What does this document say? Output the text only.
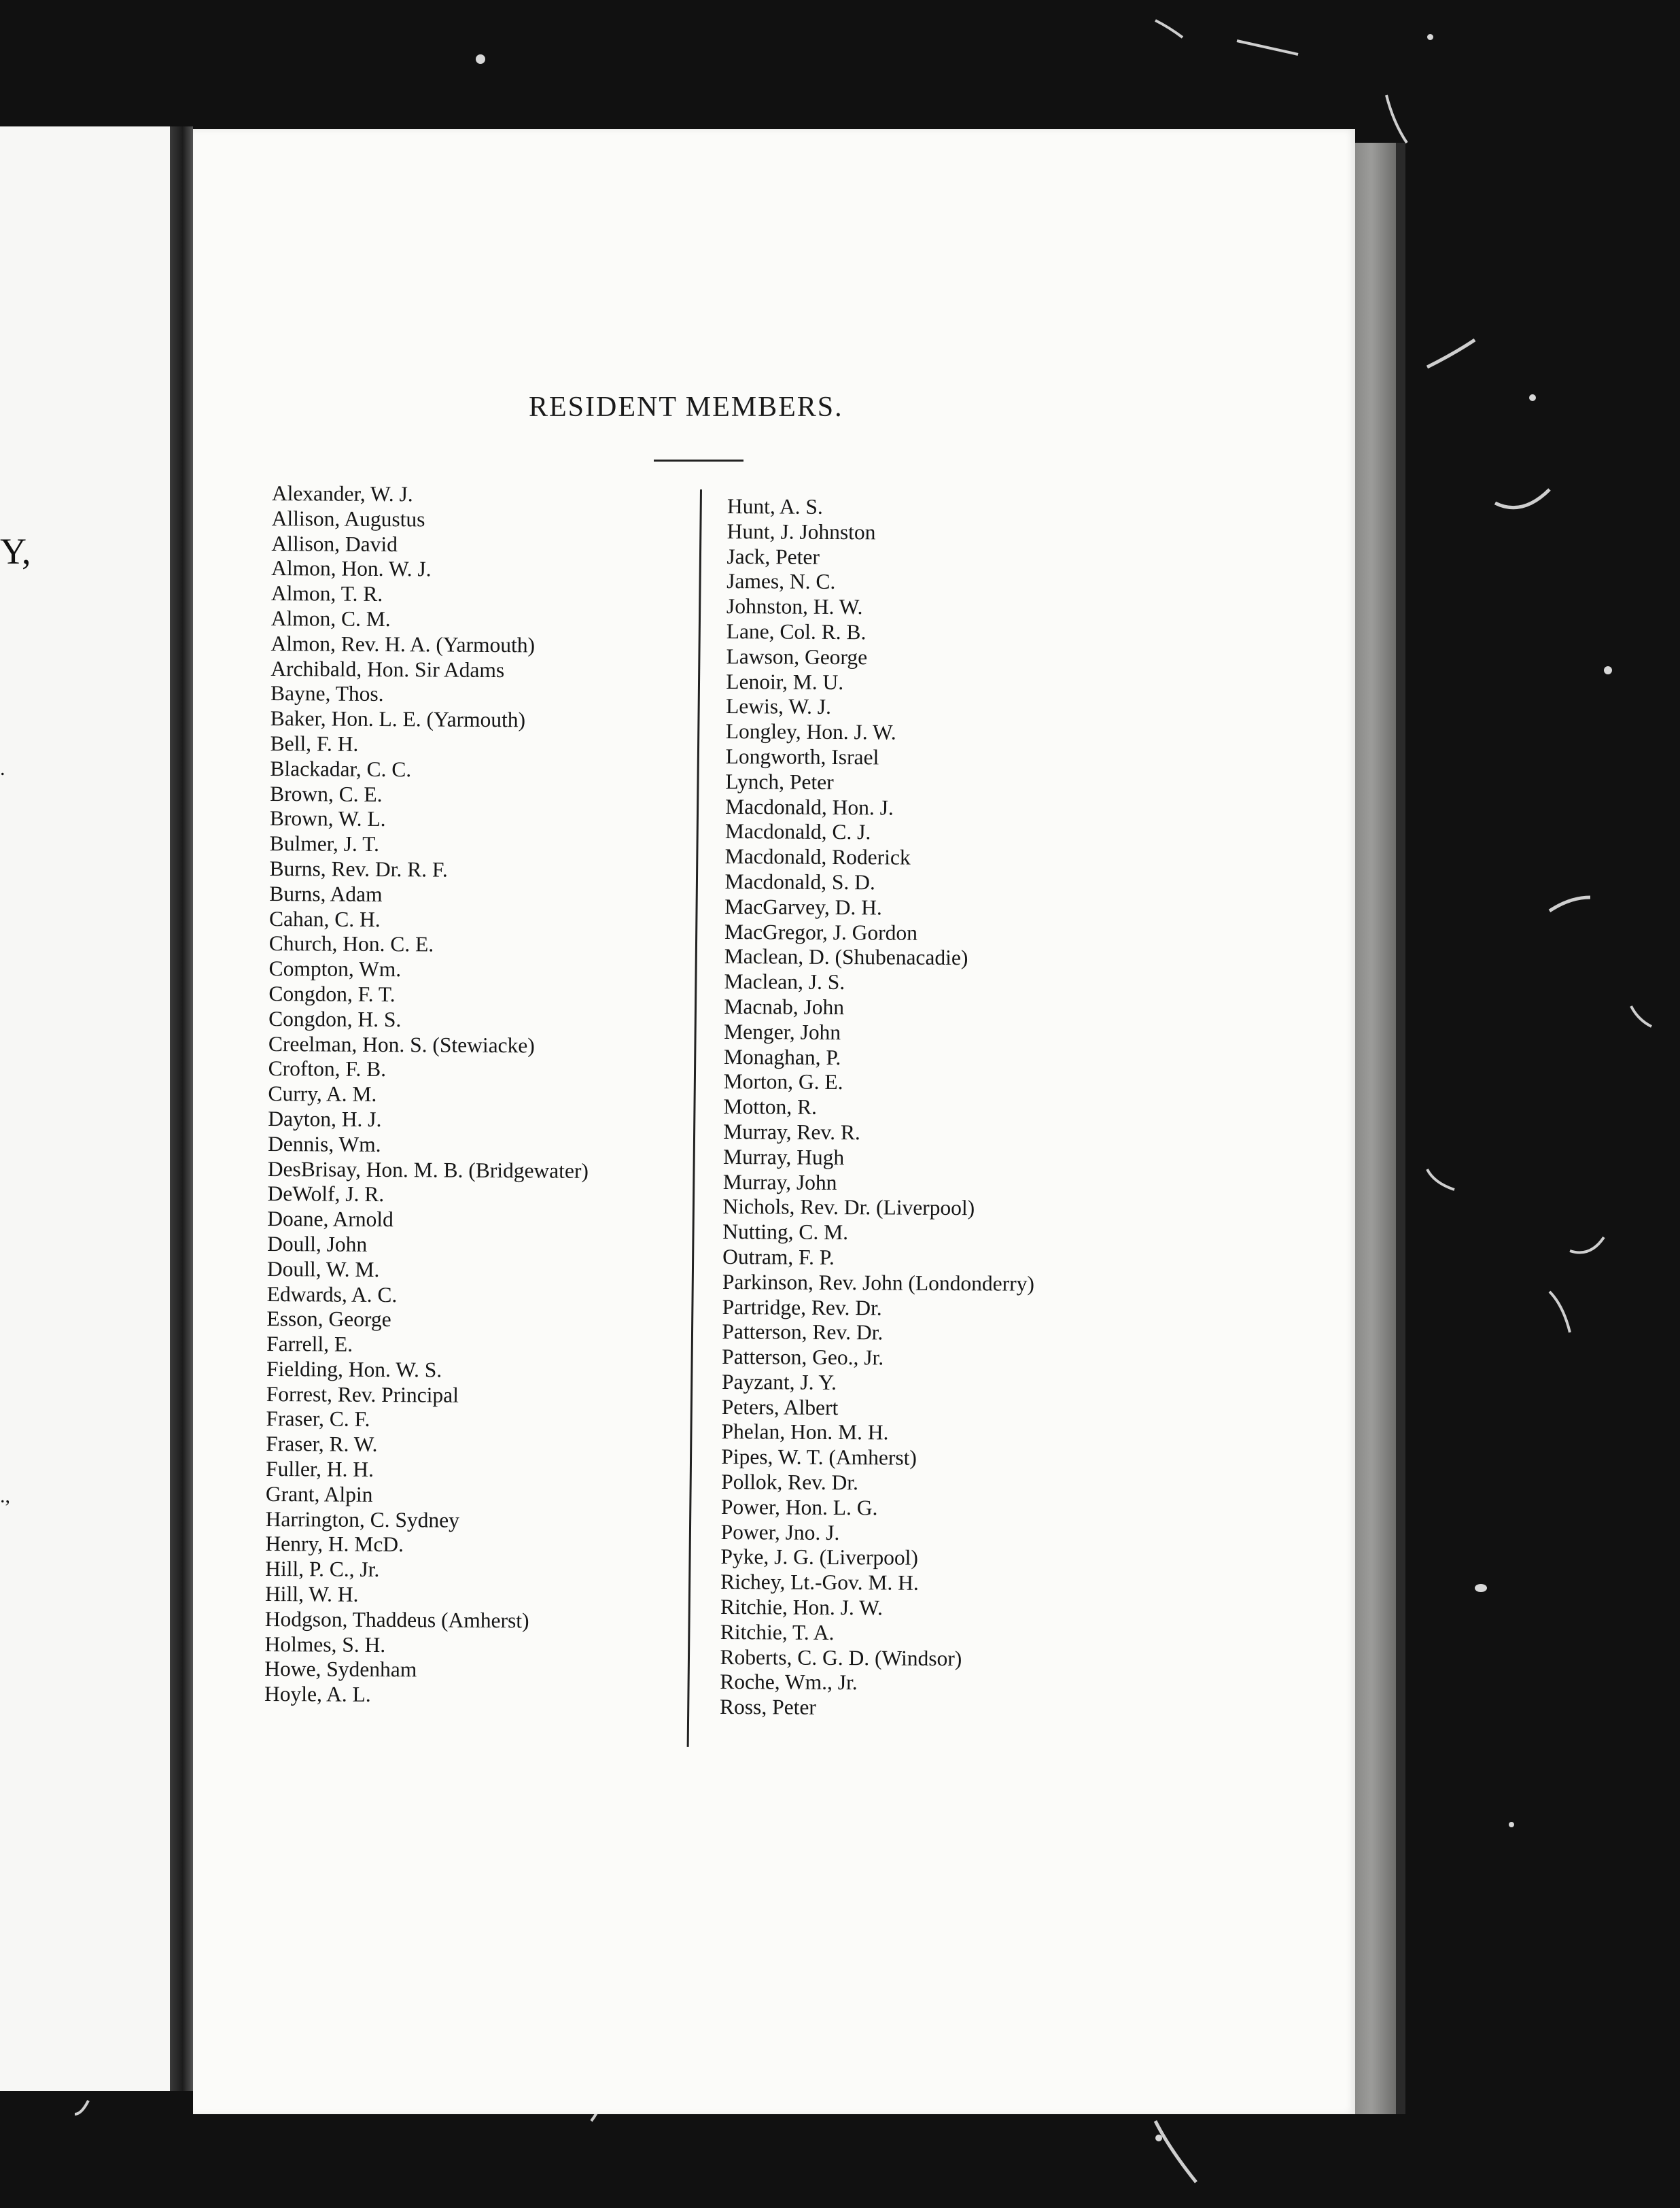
Y,
.
.,
RESIDENT MEMBERS.
Alexander, W. J.
Allison, Augustus
Allison, David
Almon, Hon. W. J.
Almon, T. R.
Almon, C. M.
Almon, Rev. H. A. (Yarmouth)
Archibald, Hon. Sir Adams
Bayne, Thos.
Baker, Hon. L. E. (Yarmouth)
Bell, F. H.
Blackadar, C. C.
Brown, C. E.
Brown, W. L.
Bulmer, J. T.
Burns, Rev. Dr. R. F.
Burns, Adam
Cahan, C. H.
Church, Hon. C. E.
Compton, Wm.
Congdon, F. T.
Congdon, H. S.
Creelman, Hon. S. (Stewiacke)
Crofton, F. B.
Curry, A. M.
Dayton, H. J.
Dennis, Wm.
DesBrisay, Hon. M. B. (Bridgewater)
DeWolf, J. R.
Doane, Arnold
Doull, John
Doull, W. M.
Edwards, A. C.
Esson, George
Farrell, E.
Fielding, Hon. W. S.
Forrest, Rev. Principal
Fraser, C. F.
Fraser, R. W.
Fuller, H. H.
Grant, Alpin
Harrington, C. Sydney
Henry, H. McD.
Hill, P. C., Jr.
Hill, W. H.
Hodgson, Thaddeus (Amherst)
Holmes, S. H.
Howe, Sydenham
Hoyle, A. L.
Hunt, A. S.
Hunt, J. Johnston
Jack, Peter
James, N. C.
Johnston, H. W.
Lane, Col. R. B.
Lawson, George
Lenoir, M. U.
Lewis, W. J.
Longley, Hon. J. W.
Longworth, Israel
Lynch, Peter
Macdonald, Hon. J.
Macdonald, C. J.
Macdonald, Roderick
Macdonald, S. D.
MacGarvey, D. H.
MacGregor, J. Gordon
Maclean, D. (Shubenacadie)
Maclean, J. S.
Macnab, John
Menger, John
Monaghan, P.
Morton, G. E.
Motton, R.
Murray, Rev. R.
Murray, Hugh
Murray, John
Nichols, Rev. Dr. (Liverpool)
Nutting, C. M.
Outram, F. P.
Parkinson, Rev. John (Londonderry)
Partridge, Rev. Dr.
Patterson, Rev. Dr.
Patterson, Geo., Jr.
Payzant, J. Y.
Peters, Albert
Phelan, Hon. M. H.
Pipes, W. T. (Amherst)
Pollok, Rev. Dr.
Power, Hon. L. G.
Power, Jno. J.
Pyke, J. G. (Liverpool)
Richey, Lt.-Gov. M. H.
Ritchie, Hon. J. W.
Ritchie, T. A.
Roberts, C. G. D. (Windsor)
Roche, Wm., Jr.
Ross, Peter
